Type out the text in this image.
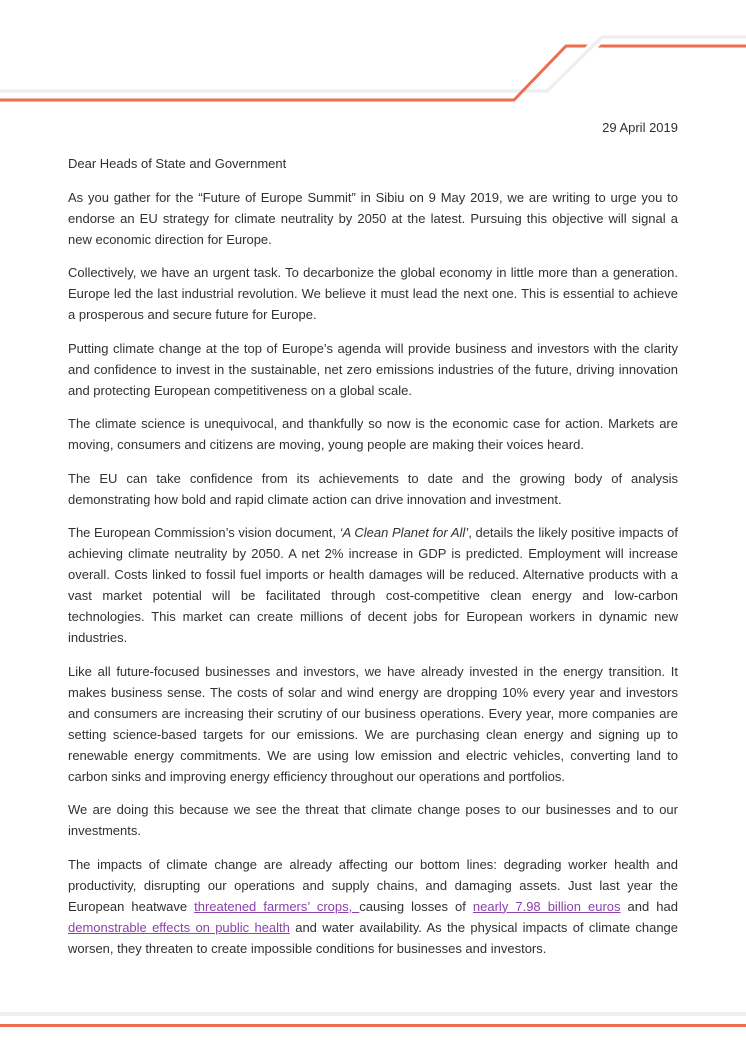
29 April 2019

Dear Heads of State and Government

As you gather for the “Future of Europe Summit” in Sibiu on 9 May 2019, we are writing to urge you to endorse an EU strategy for climate neutrality by 2050 at the latest. Pursuing this objective will signal a new economic direction for Europe.

Collectively, we have an urgent task. To decarbonize the global economy in little more than a generation. Europe led the last industrial revolution. We believe it must lead the next one. This is essential to achieve a prosperous and secure future for Europe.

Putting climate change at the top of Europe’s agenda will provide business and investors with the clarity and confidence to invest in the sustainable, net zero emissions industries of the future, driving innovation and protecting European competitiveness on a global scale.

The climate science is unequivocal, and thankfully so now is the economic case for action. Markets are moving, consumers and citizens are moving, young people are making their voices heard.

The EU can take confidence from its achievements to date and the growing body of analysis demonstrating how bold and rapid climate action can drive innovation and investment.

The European Commission’s vision document, ‘A Clean Planet for All’, details the likely positive impacts of achieving climate neutrality by 2050. A net 2% increase in GDP is predicted. Employment will increase overall. Costs linked to fossil fuel imports or health damages will be reduced. Alternative products with a vast market potential will be facilitated through cost-competitive clean energy and low-carbon technologies. This market can create millions of decent jobs for European workers in dynamic new industries.

Like all future-focused businesses and investors, we have already invested in the energy transition. It makes business sense. The costs of solar and wind energy are dropping 10% every year and investors and consumers are increasing their scrutiny of our business operations. Every year, more companies are setting science-based targets for our emissions. We are purchasing clean energy and signing up to renewable energy commitments. We are using low emission and electric vehicles, converting land to carbon sinks and improving energy efficiency throughout our operations and portfolios.

We are doing this because we see the threat that climate change poses to our businesses and to our investments.

The impacts of climate change are already affecting our bottom lines: degrading worker health and productivity, disrupting our operations and supply chains, and damaging assets. Just last year the European heatwave threatened farmers’ crops, causing losses of nearly 7.98 billion euros and had demonstrable effects on public health and water availability. As the physical impacts of climate change worsen, they threaten to create impossible conditions for businesses and investors.
